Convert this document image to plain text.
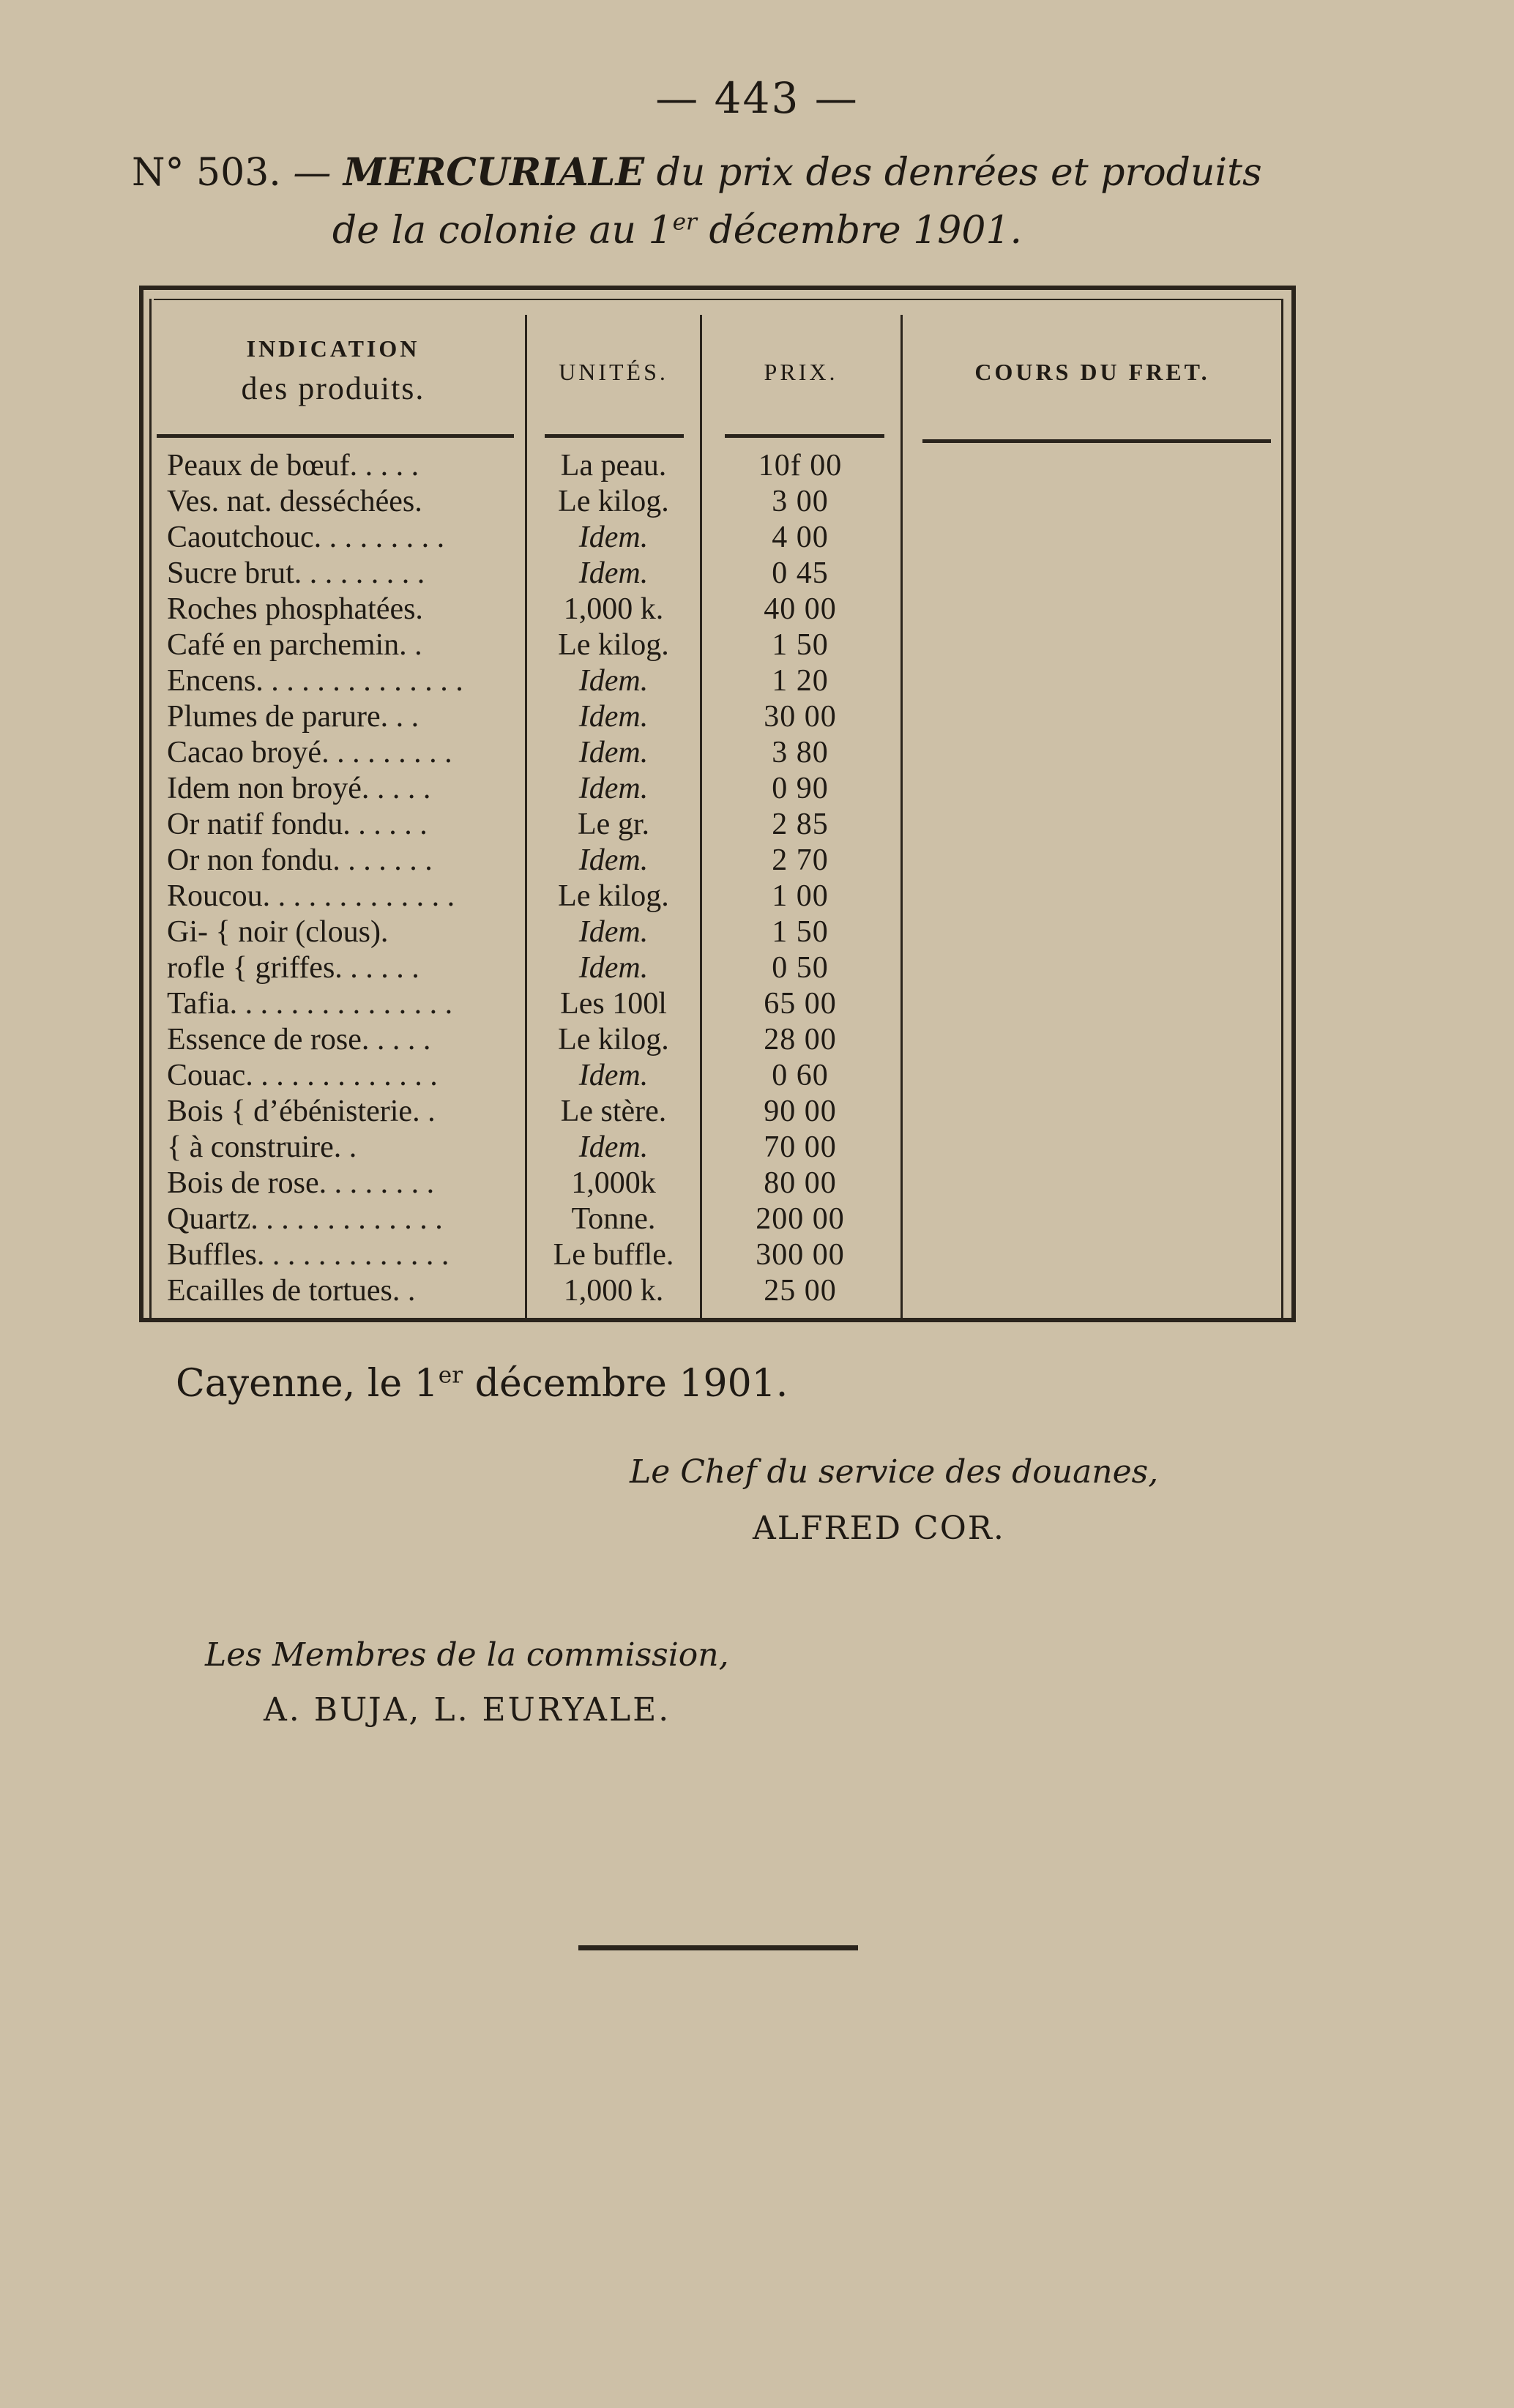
— 443 —
N° 503. — MERCURIALE du prix des denrées et produits
de la colonie au 1er décembre 1901.
INDICATION
des produits.	UNITÉS.	PRIX.	COURS DU FRET.
Peaux de bœuf. . . . .	La peau.	10f 00
Ves. nat. desséchées.	Le kilog.	3 00
Caoutchouc. . . . . . . . .	Idem.	4 00
Sucre brut. . . . . . . . .	Idem.	0 45
Roches phosphatées.	1,000 k.	40 00
Café en parchemin. .	Le kilog.	1 50
Encens. . . . . . . . . . . . . .	Idem.	1 20
Plumes de parure. . .	Idem.	30 00
Cacao broyé. . . . . . . . .	Idem.	3 80
Idem non broyé. . . . .	Idem.	0 90
Or natif fondu. . . . . .	Le gr.	2 85
Or non fondu. . . . . . .	Idem.	2 70
Roucou. . . . . . . . . . . . .	Le kilog.	1 00
Gi- { noir (clous).	Idem.	1 50
rofle { griffes. . . . . .	Idem.	0 50
Tafia. . . . . . . . . . . . . . .	Les 100l	65 00
Essence de rose. . . . .	Le kilog.	28 00
Couac. . . . . . . . . . . . .	Idem.	0 60
Bois { d’ébénisterie. .	Le stère.	90 00
{ à construire. .	Idem.	70 00
Bois de rose. . . . . . . .	1,000k	80 00
Quartz. . . . . . . . . . . . .	Tonne.	200 00
Buffles. . . . . . . . . . . . .	Le buffle.	300 00
Ecailles de tortues. .	1,000 k.	25 00
Cayenne, le 1er décembre 1901.
Le Chef du service des douanes,
ALFRED COR.
Les Membres de la commission,
A. BUJA, L. EURYALE.
